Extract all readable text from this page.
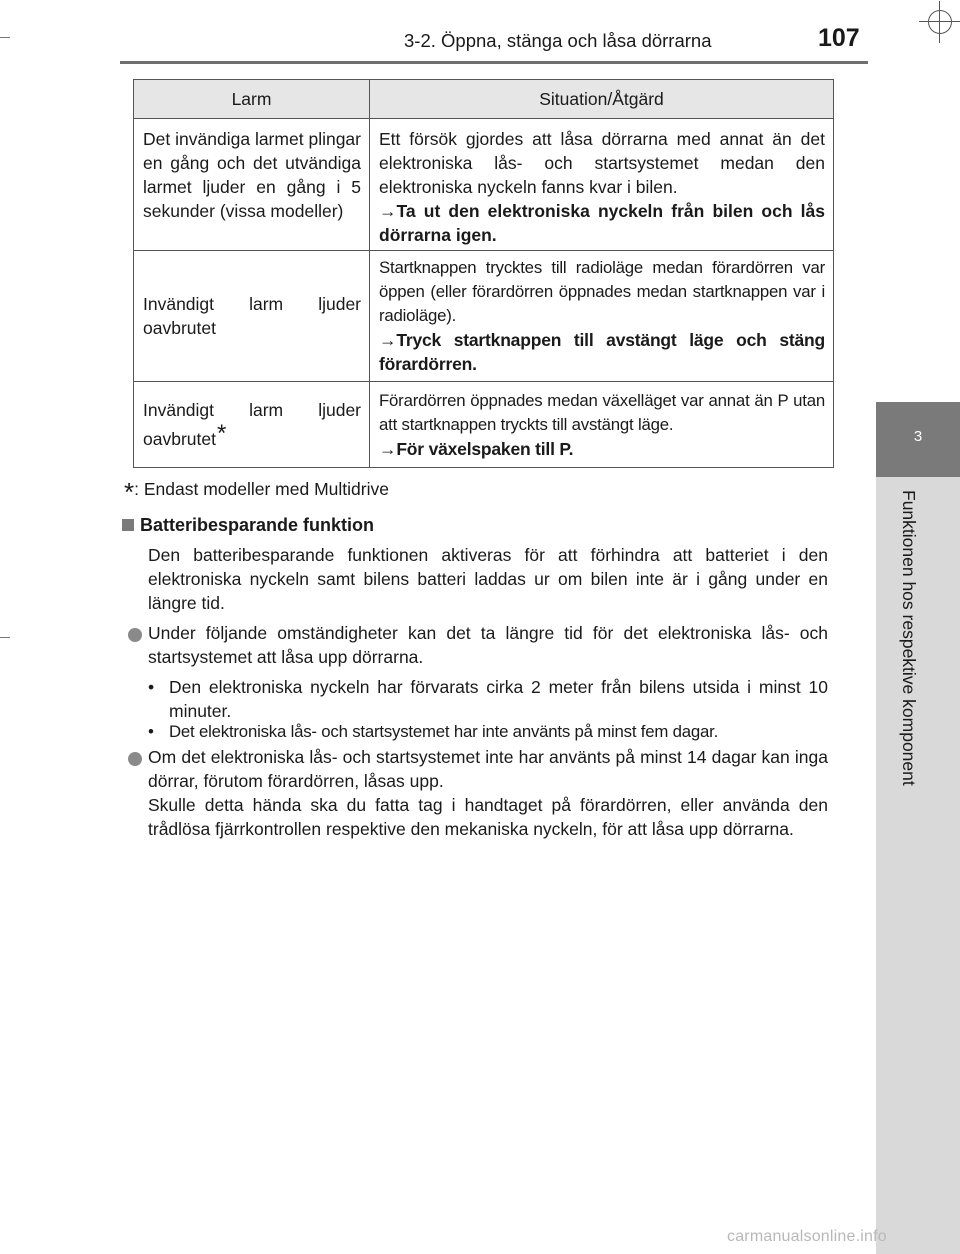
3-2. Öppna, stänga och låsa dörrarna	107
3
Funktionen hos respektive komponent
Larm	Situation/Åtgärd
Det invändiga larmet plingar en gång och det utvändiga larmet ljuder en gång i 5 sekunder (vissa modeller)	Ett försök gjordes att låsa dörrarna med annat än det elektroniska lås- och startsystemet medan den elektroniska nyckeln fanns kvar i bilen.
→Ta ut den elektroniska nyckeln från bilen och lås dörrarna igen.

Invändigt larm ljuder oavbrutet	Startknappen trycktes till radioläge medan förardörren var öppen (eller förardörren öppnades medan startknappen var i radioläge).
→Tryck startknappen till avstängt läge och stäng förardörren.

Invändigt larm ljuder oavbrutet*	Förardörren öppnades medan växelläget var annat än P utan att startknappen tryckts till avstängt läge.
→För växelspaken till P.
*: Endast modeller med Multidrive
Batteribesparande funktion
Den batteribesparande funktionen aktiveras för att förhindra att batteriet i den elektroniska nyckeln samt bilens batteri laddas ur om bilen inte är i gång under en längre tid.
Under följande omständigheter kan det ta längre tid för det elektroniska lås- och startsystemet att låsa upp dörrarna.
• Den elektroniska nyckeln har förvarats cirka 2 meter från bilens utsida i minst 10 minuter.
• Det elektroniska lås- och startsystemet har inte använts på minst fem dagar.
Om det elektroniska lås- och startsystemet inte har använts på minst 14 dagar kan inga dörrar, förutom förardörren, låsas upp.
Skulle detta hända ska du fatta tag i handtaget på förardörren, eller använda den trådlösa fjärrkontrollen respektive den mekaniska nyckeln, för att låsa upp dörrarna.
carmanualsonline.info
